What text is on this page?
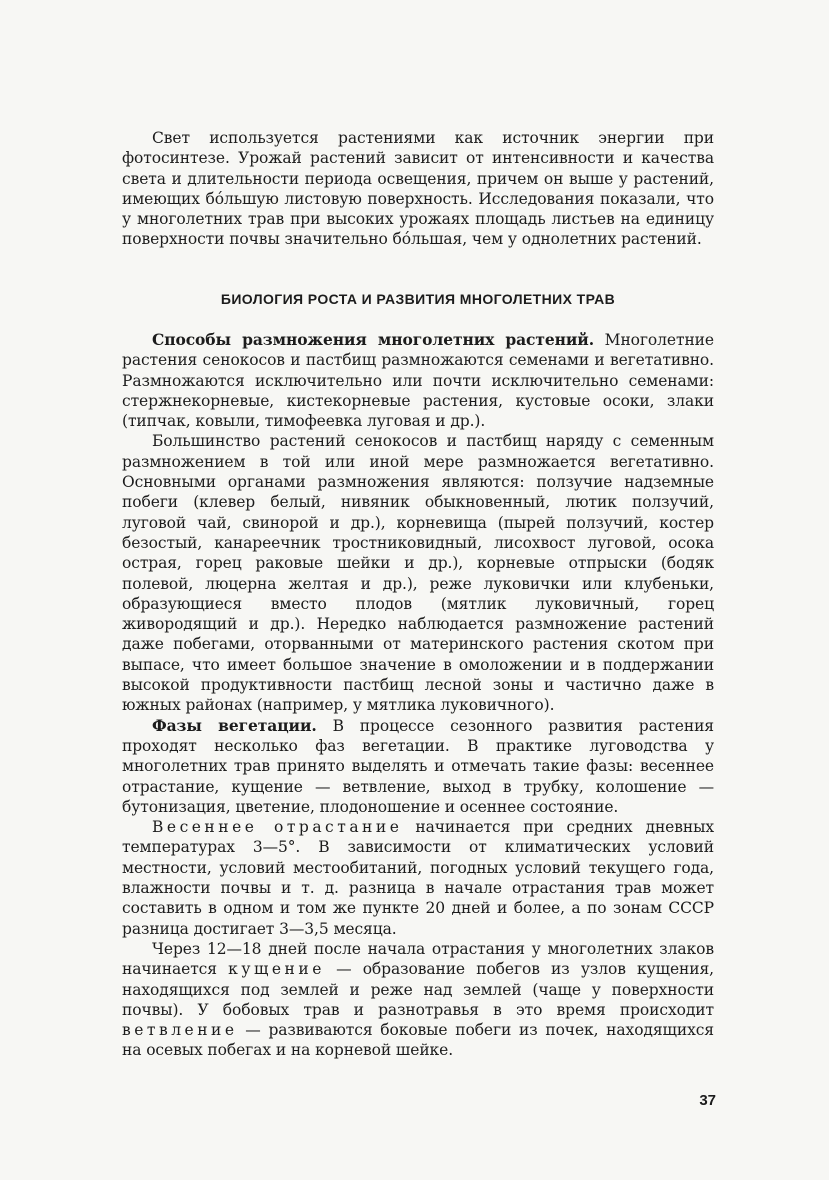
Свет используется растениями как источник энергии при фотосинтезе. Урожай растений зависит от интенсивности и качества света и длительности периода освещения, причем он выше у растений, имеющих бо́льшую листовую поверхность. Исследования показали, что у многолетних трав при высоких урожаях площадь листьев на единицу поверхности почвы значительно бо́льшая, чем у однолетних растений.

БИОЛОГИЯ РОСТА И РАЗВИТИЯ МНОГОЛЕТНИХ ТРАВ

Способы размножения многолетних растений. Многолетние растения сенокосов и пастбищ размножаются семенами и вегетативно. Размножаются исключительно или почти исключительно семенами: стержнекорневые, кистекорневые растения, кустовые осоки, злаки (типчак, ковыли, тимофеевка луговая и др.).

Большинство растений сенокосов и пастбищ наряду с семенным размножением в той или иной мере размножается вегетативно. Основными органами размножения являются: ползучие надземные побеги (клевер белый, нивяник обыкновенный, лютик ползучий, луговой чай, свинорой и др.), корневища (пырей ползучий, костер безостый, канареечник тростниковидный, лисохвост луговой, осока острая, горец раковые шейки и др.), корневые отпрыски (бодяк полевой, люцерна желтая и др.), реже луковички или клубеньки, образующиеся вместо плодов (мятлик луковичный, горец живородящий и др.). Нередко наблюдается размножение растений даже побегами, оторванными от материнского растения скотом при выпасе, что имеет большое значение в омоложении и в поддержании высокой продуктивности пастбищ лесной зоны и частично даже в южных районах (например, у мятлика луковичного).

Фазы вегетации. В процессе сезонного развития растения проходят несколько фаз вегетации. В практике луговодства у многолетних трав принято выделять и отмечать такие фазы: весеннее отрастание, кущение — ветвление, выход в трубку, колошение — бутонизация, цветение, плодоношение и осеннее состояние.

Весеннее отрастание начинается при средних дневных температурах 3—5°. В зависимости от климатических условий местности, условий местообитаний, погодных условий текущего года, влажности почвы и т. д. разница в начале отрастания трав может составить в одном и том же пункте 20 дней и более, а по зонам СССР разница достигает 3—3,5 месяца.

Через 12—18 дней после начала отрастания у многолетних злаков начинается кущение — образование побегов из узлов кущения, находящихся под землей и реже над землей (чаще у поверхности почвы). У бобовых трав и разнотравья в это время происходит ветвление — развиваются боковые побеги из почек, находящихся на осевых побегах и на корневой шейке.

37
